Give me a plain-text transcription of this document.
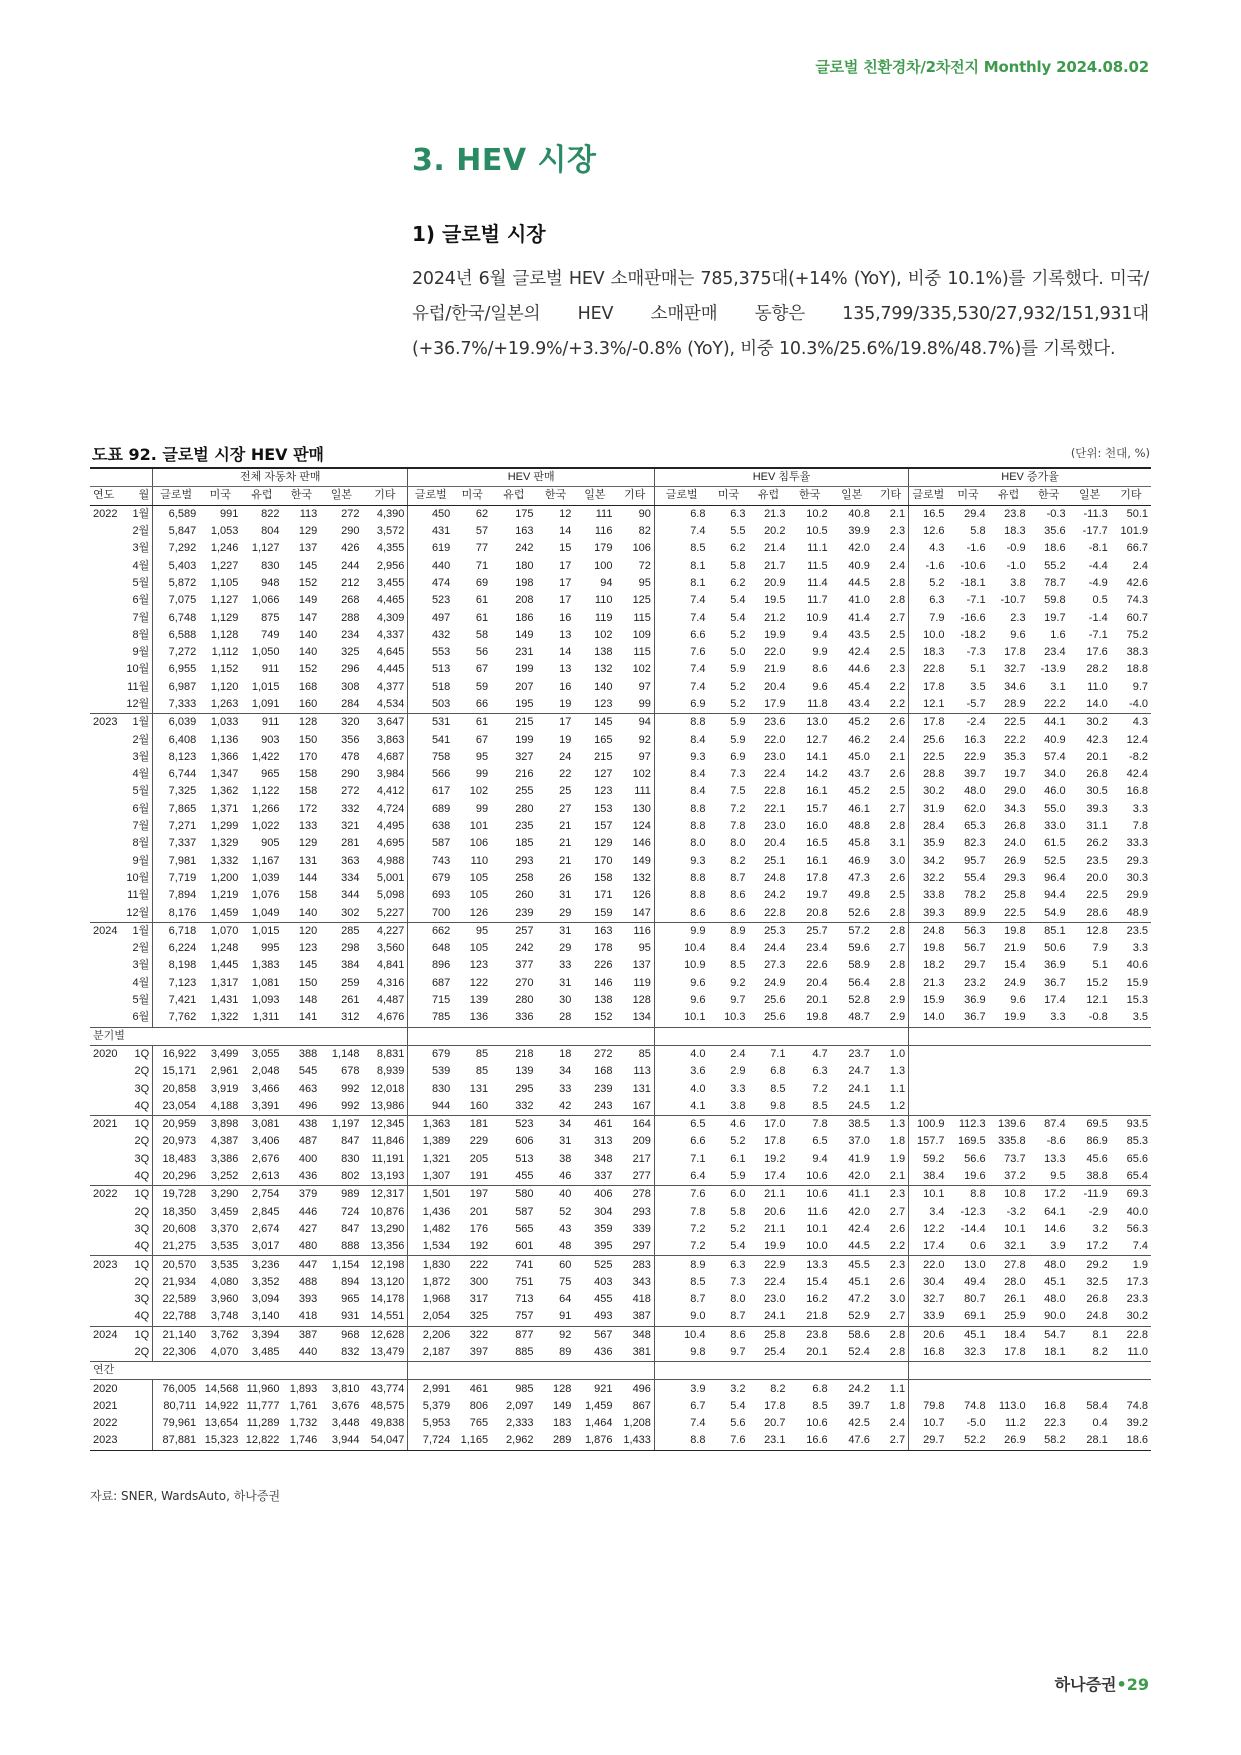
글로벌 친환경차/2차전지 Monthly 2024.08.02
3. HEV 시장
1) 글로벌 시장
2024년 6월 글로벌 HEV 소매판매는 785,375대(+14% (YoY), 비중 10.1%)를 기록했다. 미국/유럽/한국/일본의 HEV 소매판매 동향은 135,799/335,530/27,932/151,931대 (+36.7%/+19.9%/+3.3%/-0.8% (YoY), 비중 10.3%/25.6%/19.8%/48.7%)를 기록했다.
도표 92. 글로벌 시장 HEV 판매	(단위: 천대, %)
		전체 자동차 판매						HEV 판매						HEV 침투율						HEV 증가율					
연도	월	글로벌	미국	유럽	한국	일본	기타	글로벌	미국	유럽	한국	일본	기타	글로벌	미국	유럽	한국	일본	기타	글로벌	미국	유럽	한국	일본	기타
2022	1월	6,589	991	822	113	272	4,390	450	62	175	12	111	90	6.8	6.3	21.3	10.2	40.8	2.1	16.5	29.4	23.8	-0.3	-11.3	50.1
	2월	5,847	1,053	804	129	290	3,572	431	57	163	14	116	82	7.4	5.5	20.2	10.5	39.9	2.3	12.6	5.8	18.3	35.6	-17.7	101.9
	3월	7,292	1,246	1,127	137	426	4,355	619	77	242	15	179	106	8.5	6.2	21.4	11.1	42.0	2.4	4.3	-1.6	-0.9	18.6	-8.1	66.7
	4월	5,403	1,227	830	145	244	2,956	440	71	180	17	100	72	8.1	5.8	21.7	11.5	40.9	2.4	-1.6	-10.6	-1.0	55.2	-4.4	2.4
	5월	5,872	1,105	948	152	212	3,455	474	69	198	17	94	95	8.1	6.2	20.9	11.4	44.5	2.8	5.2	-18.1	3.8	78.7	-4.9	42.6
	6월	7,075	1,127	1,066	149	268	4,465	523	61	208	17	110	125	7.4	5.4	19.5	11.7	41.0	2.8	6.3	-7.1	-10.7	59.8	0.5	74.3
	7월	6,748	1,129	875	147	288	4,309	497	61	186	16	119	115	7.4	5.4	21.2	10.9	41.4	2.7	7.9	-16.6	2.3	19.7	-1.4	60.7
	8월	6,588	1,128	749	140	234	4,337	432	58	149	13	102	109	6.6	5.2	19.9	9.4	43.5	2.5	10.0	-18.2	9.6	1.6	-7.1	75.2
	9월	7,272	1,112	1,050	140	325	4,645	553	56	231	14	138	115	7.6	5.0	22.0	9.9	42.4	2.5	18.3	-7.3	17.8	23.4	17.6	38.3
	10월	6,955	1,152	911	152	296	4,445	513	67	199	13	132	102	7.4	5.9	21.9	8.6	44.6	2.3	22.8	5.1	32.7	-13.9	28.2	18.8
	11월	6,987	1,120	1,015	168	308	4,377	518	59	207	16	140	97	7.4	5.2	20.4	9.6	45.4	2.2	17.8	3.5	34.6	3.1	11.0	9.7
	12월	7,333	1,263	1,091	160	284	4,534	503	66	195	19	123	99	6.9	5.2	17.9	11.8	43.4	2.2	12.1	-5.7	28.9	22.2	14.0	-4.0
2023	1월	6,039	1,033	911	128	320	3,647	531	61	215	17	145	94	8.8	5.9	23.6	13.0	45.2	2.6	17.8	-2.4	22.5	44.1	30.2	4.3
	2월	6,408	1,136	903	150	356	3,863	541	67	199	19	165	92	8.4	5.9	22.0	12.7	46.2	2.4	25.6	16.3	22.2	40.9	42.3	12.4
	3월	8,123	1,366	1,422	170	478	4,687	758	95	327	24	215	97	9.3	6.9	23.0	14.1	45.0	2.1	22.5	22.9	35.3	57.4	20.1	-8.2
	4월	6,744	1,347	965	158	290	3,984	566	99	216	22	127	102	8.4	7.3	22.4	14.2	43.7	2.6	28.8	39.7	19.7	34.0	26.8	42.4
	5월	7,325	1,362	1,122	158	272	4,412	617	102	255	25	123	111	8.4	7.5	22.8	16.1	45.2	2.5	30.2	48.0	29.0	46.0	30.5	16.8
	6월	7,865	1,371	1,266	172	332	4,724	689	99	280	27	153	130	8.8	7.2	22.1	15.7	46.1	2.7	31.9	62.0	34.3	55.0	39.3	3.3
	7월	7,271	1,299	1,022	133	321	4,495	638	101	235	21	157	124	8.8	7.8	23.0	16.0	48.8	2.8	28.4	65.3	26.8	33.0	31.1	7.8
	8월	7,337	1,329	905	129	281	4,695	587	106	185	21	129	146	8.0	8.0	20.4	16.5	45.8	3.1	35.9	82.3	24.0	61.5	26.2	33.3
	9월	7,981	1,332	1,167	131	363	4,988	743	110	293	21	170	149	9.3	8.2	25.1	16.1	46.9	3.0	34.2	95.7	26.9	52.5	23.5	29.3
	10월	7,719	1,200	1,039	144	334	5,001	679	105	258	26	158	132	8.8	8.7	24.8	17.8	47.3	2.6	32.2	55.4	29.3	96.4	20.0	30.3
	11월	7,894	1,219	1,076	158	344	5,098	693	105	260	31	171	126	8.8	8.6	24.2	19.7	49.8	2.5	33.8	78.2	25.8	94.4	22.5	29.9
	12월	8,176	1,459	1,049	140	302	5,227	700	126	239	29	159	147	8.6	8.6	22.8	20.8	52.6	2.8	39.3	89.9	22.5	54.9	28.6	48.9
2024	1월	6,718	1,070	1,015	120	285	4,227	662	95	257	31	163	116	9.9	8.9	25.3	25.7	57.2	2.8	24.8	56.3	19.8	85.1	12.8	23.5
	2월	6,224	1,248	995	123	298	3,560	648	105	242	29	178	95	10.4	8.4	24.4	23.4	59.6	2.7	19.8	56.7	21.9	50.6	7.9	3.3
	3월	8,198	1,445	1,383	145	384	4,841	896	123	377	33	226	137	10.9	8.5	27.3	22.6	58.9	2.8	18.2	29.7	15.4	36.9	5.1	40.6
	4월	7,123	1,317	1,081	150	259	4,316	687	122	270	31	146	119	9.6	9.2	24.9	20.4	56.4	2.8	21.3	23.2	24.9	36.7	15.2	15.9
	5월	7,421	1,431	1,093	148	261	4,487	715	139	280	30	138	128	9.6	9.7	25.6	20.1	52.8	2.9	15.9	36.9	9.6	17.4	12.1	15.3
	6월	7,762	1,322	1,311	141	312	4,676	785	136	336	28	152	134	10.1	10.3	25.6	19.8	48.7	2.9	14.0	36.7	19.9	3.3	-0.8	3.5
분기별																									
2020	1Q	16,922	3,499	3,055	388	1,148	8,831	679	85	218	18	272	85	4.0	2.4	7.1	4.7	23.7	1.0						
	2Q	15,171	2,961	2,048	545	678	8,939	539	85	139	34	168	113	3.6	2.9	6.8	6.3	24.7	1.3						
	3Q	20,858	3,919	3,466	463	992	12,018	830	131	295	33	239	131	4.0	3.3	8.5	7.2	24.1	1.1						
	4Q	23,054	4,188	3,391	496	992	13,986	944	160	332	42	243	167	4.1	3.8	9.8	8.5	24.5	1.2						
2021	1Q	20,959	3,898	3,081	438	1,197	12,345	1,363	181	523	34	461	164	6.5	4.6	17.0	7.8	38.5	1.3	100.9	112.3	139.6	87.4	69.5	93.5
	2Q	20,973	4,387	3,406	487	847	11,846	1,389	229	606	31	313	209	6.6	5.2	17.8	6.5	37.0	1.8	157.7	169.5	335.8	-8.6	86.9	85.3
	3Q	18,483	3,386	2,676	400	830	11,191	1,321	205	513	38	348	217	7.1	6.1	19.2	9.4	41.9	1.9	59.2	56.6	73.7	13.3	45.6	65.6
	4Q	20,296	3,252	2,613	436	802	13,193	1,307	191	455	46	337	277	6.4	5.9	17.4	10.6	42.0	2.1	38.4	19.6	37.2	9.5	38.8	65.4
2022	1Q	19,728	3,290	2,754	379	989	12,317	1,501	197	580	40	406	278	7.6	6.0	21.1	10.6	41.1	2.3	10.1	8.8	10.8	17.2	-11.9	69.3
	2Q	18,350	3,459	2,845	446	724	10,876	1,436	201	587	52	304	293	7.8	5.8	20.6	11.6	42.0	2.7	3.4	-12.3	-3.2	64.1	-2.9	40.0
	3Q	20,608	3,370	2,674	427	847	13,290	1,482	176	565	43	359	339	7.2	5.2	21.1	10.1	42.4	2.6	12.2	-14.4	10.1	14.6	3.2	56.3
	4Q	21,275	3,535	3,017	480	888	13,356	1,534	192	601	48	395	297	7.2	5.4	19.9	10.0	44.5	2.2	17.4	0.6	32.1	3.9	17.2	7.4
2023	1Q	20,570	3,535	3,236	447	1,154	12,198	1,830	222	741	60	525	283	8.9	6.3	22.9	13.3	45.5	2.3	22.0	13.0	27.8	48.0	29.2	1.9
	2Q	21,934	4,080	3,352	488	894	13,120	1,872	300	751	75	403	343	8.5	7.3	22.4	15.4	45.1	2.6	30.4	49.4	28.0	45.1	32.5	17.3
	3Q	22,589	3,960	3,094	393	965	14,178	1,968	317	713	64	455	418	8.7	8.0	23.0	16.2	47.2	3.0	32.7	80.7	26.1	48.0	26.8	23.3
	4Q	22,788	3,748	3,140	418	931	14,551	2,054	325	757	91	493	387	9.0	8.7	24.1	21.8	52.9	2.7	33.9	69.1	25.9	90.0	24.8	30.2
2024	1Q	21,140	3,762	3,394	387	968	12,628	2,206	322	877	92	567	348	10.4	8.6	25.8	23.8	58.6	2.8	20.6	45.1	18.4	54.7	8.1	22.8
	2Q	22,306	4,070	3,485	440	832	13,479	2,187	397	885	89	436	381	9.8	9.7	25.4	20.1	52.4	2.8	16.8	32.3	17.8	18.1	8.2	11.0
연간																									
2020		76,005	14,568	11,960	1,893	3,810	43,774	2,991	461	985	128	921	496	3.9	3.2	8.2	6.8	24.2	1.1						
2021		80,711	14,922	11,777	1,761	3,676	48,575	5,379	806	2,097	149	1,459	867	6.7	5.4	17.8	8.5	39.7	1.8	79.8	74.8	113.0	16.8	58.4	74.8
2022		79,961	13,654	11,289	1,732	3,448	49,838	5,953	765	2,333	183	1,464	1,208	7.4	5.6	20.7	10.6	42.5	2.4	10.7	-5.0	11.2	22.3	0.4	39.2
2023		87,881	15,323	12,822	1,746	3,944	54,047	7,724	1,165	2,962	289	1,876	1,433	8.8	7.6	23.1	16.6	47.6	2.7	29.7	52.2	26.9	58.2	28.1	18.6
자료: SNER, WardsAuto, 하나증권
하나증권•29
